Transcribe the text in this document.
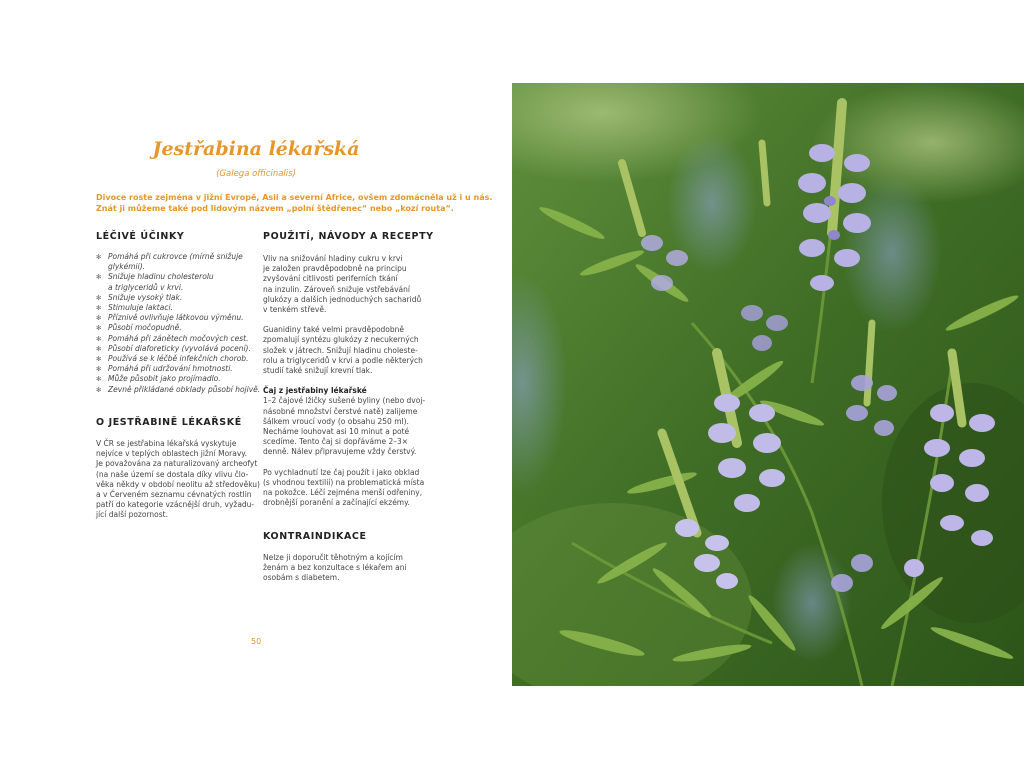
Jestřabina lékařská
(Galega officinalis)
Divoce roste zejména v jižní Evropě, Asii a severní Africe, ovšem zdomácněla už i u nás.
Znát ji můžeme také pod lidovým názvem „polní štědřenec“ nebo „kozí routa“.
LÉČIVÉ ÚČINKY
✻ Pomáhá při cukrovce (mírně snižuje
glykémii).
✻ Snižuje hladinu cholesterolu
a triglyceridů v krvi.
✻ Snižuje vysoký tlak.
✻ Stimuluje laktaci.
✻ Příznivě ovlivňuje látkovou výměnu.
✻ Působí močopudně.
✻ Pomáhá při zánětech močových cest.
✻ Působí diaforeticky (vyvolává pocení).
✻ Používá se k léčbě infekčních chorob.
✻ Pomáhá při udržování hmotnosti.
✻ Může působit jako projímadlo.
✻ Zevně přikládané obklady působí hojivě.
O JESTŘABINĚ LÉKAŘSKÉ
V ČR se jestřabina lékařská vyskytuje
nejvíce v teplých oblastech jižní Moravy.
Je považována za naturalizovaný archeofyt
(na naše území se dostala díky vlivu člo-
věka někdy v období neolitu až středověku)
a v Červeném seznamu cévnatých rostlin
patří do kategorie vzácnější druh, vyžadu-
jící další pozornost.
POUŽITÍ, NÁVODY A RECEPTY
Vliv na snižování hladiny cukru v krvi
je založen pravděpodobně na principu
zvyšování citlivosti periferních tkání
na inzulin. Zároveň snižuje vstřebávání
glukózy a dalších jednoduchých sacharidů
v tenkém střevě.
Guanidiny také velmi pravděpodobně
zpomalují syntézu glukózy z necukerných
složek v játrech. Snižují hladinu choleste-
rolu a triglyceridů v krvi a podle některých
studií také snižují krevní tlak.
Čaj z jestřabiny lékařské
1–2 čajové lžičky sušené byliny (nebo dvoj-
násobné množství čerstvé natě) zalijeme
šálkem vroucí vody (o obsahu 250 ml).
Necháme louhovat asi 10 minut a poté
scedíme. Tento čaj si dopřáváme 2–3×
denně. Nálev připravujeme vždy čerstvý.
Po vychladnutí lze čaj použít i jako obklad
(s vhodnou textilií) na problematická místa
na pokožce. Léčí zejména menší odřeniny,
drobnější poranění a začínající ekzémy.
KONTRAINDIKACE
Nelze ji doporučit těhotným a kojícím
ženám a bez konzultace s lékařem ani
osobám s diabetem.
50
